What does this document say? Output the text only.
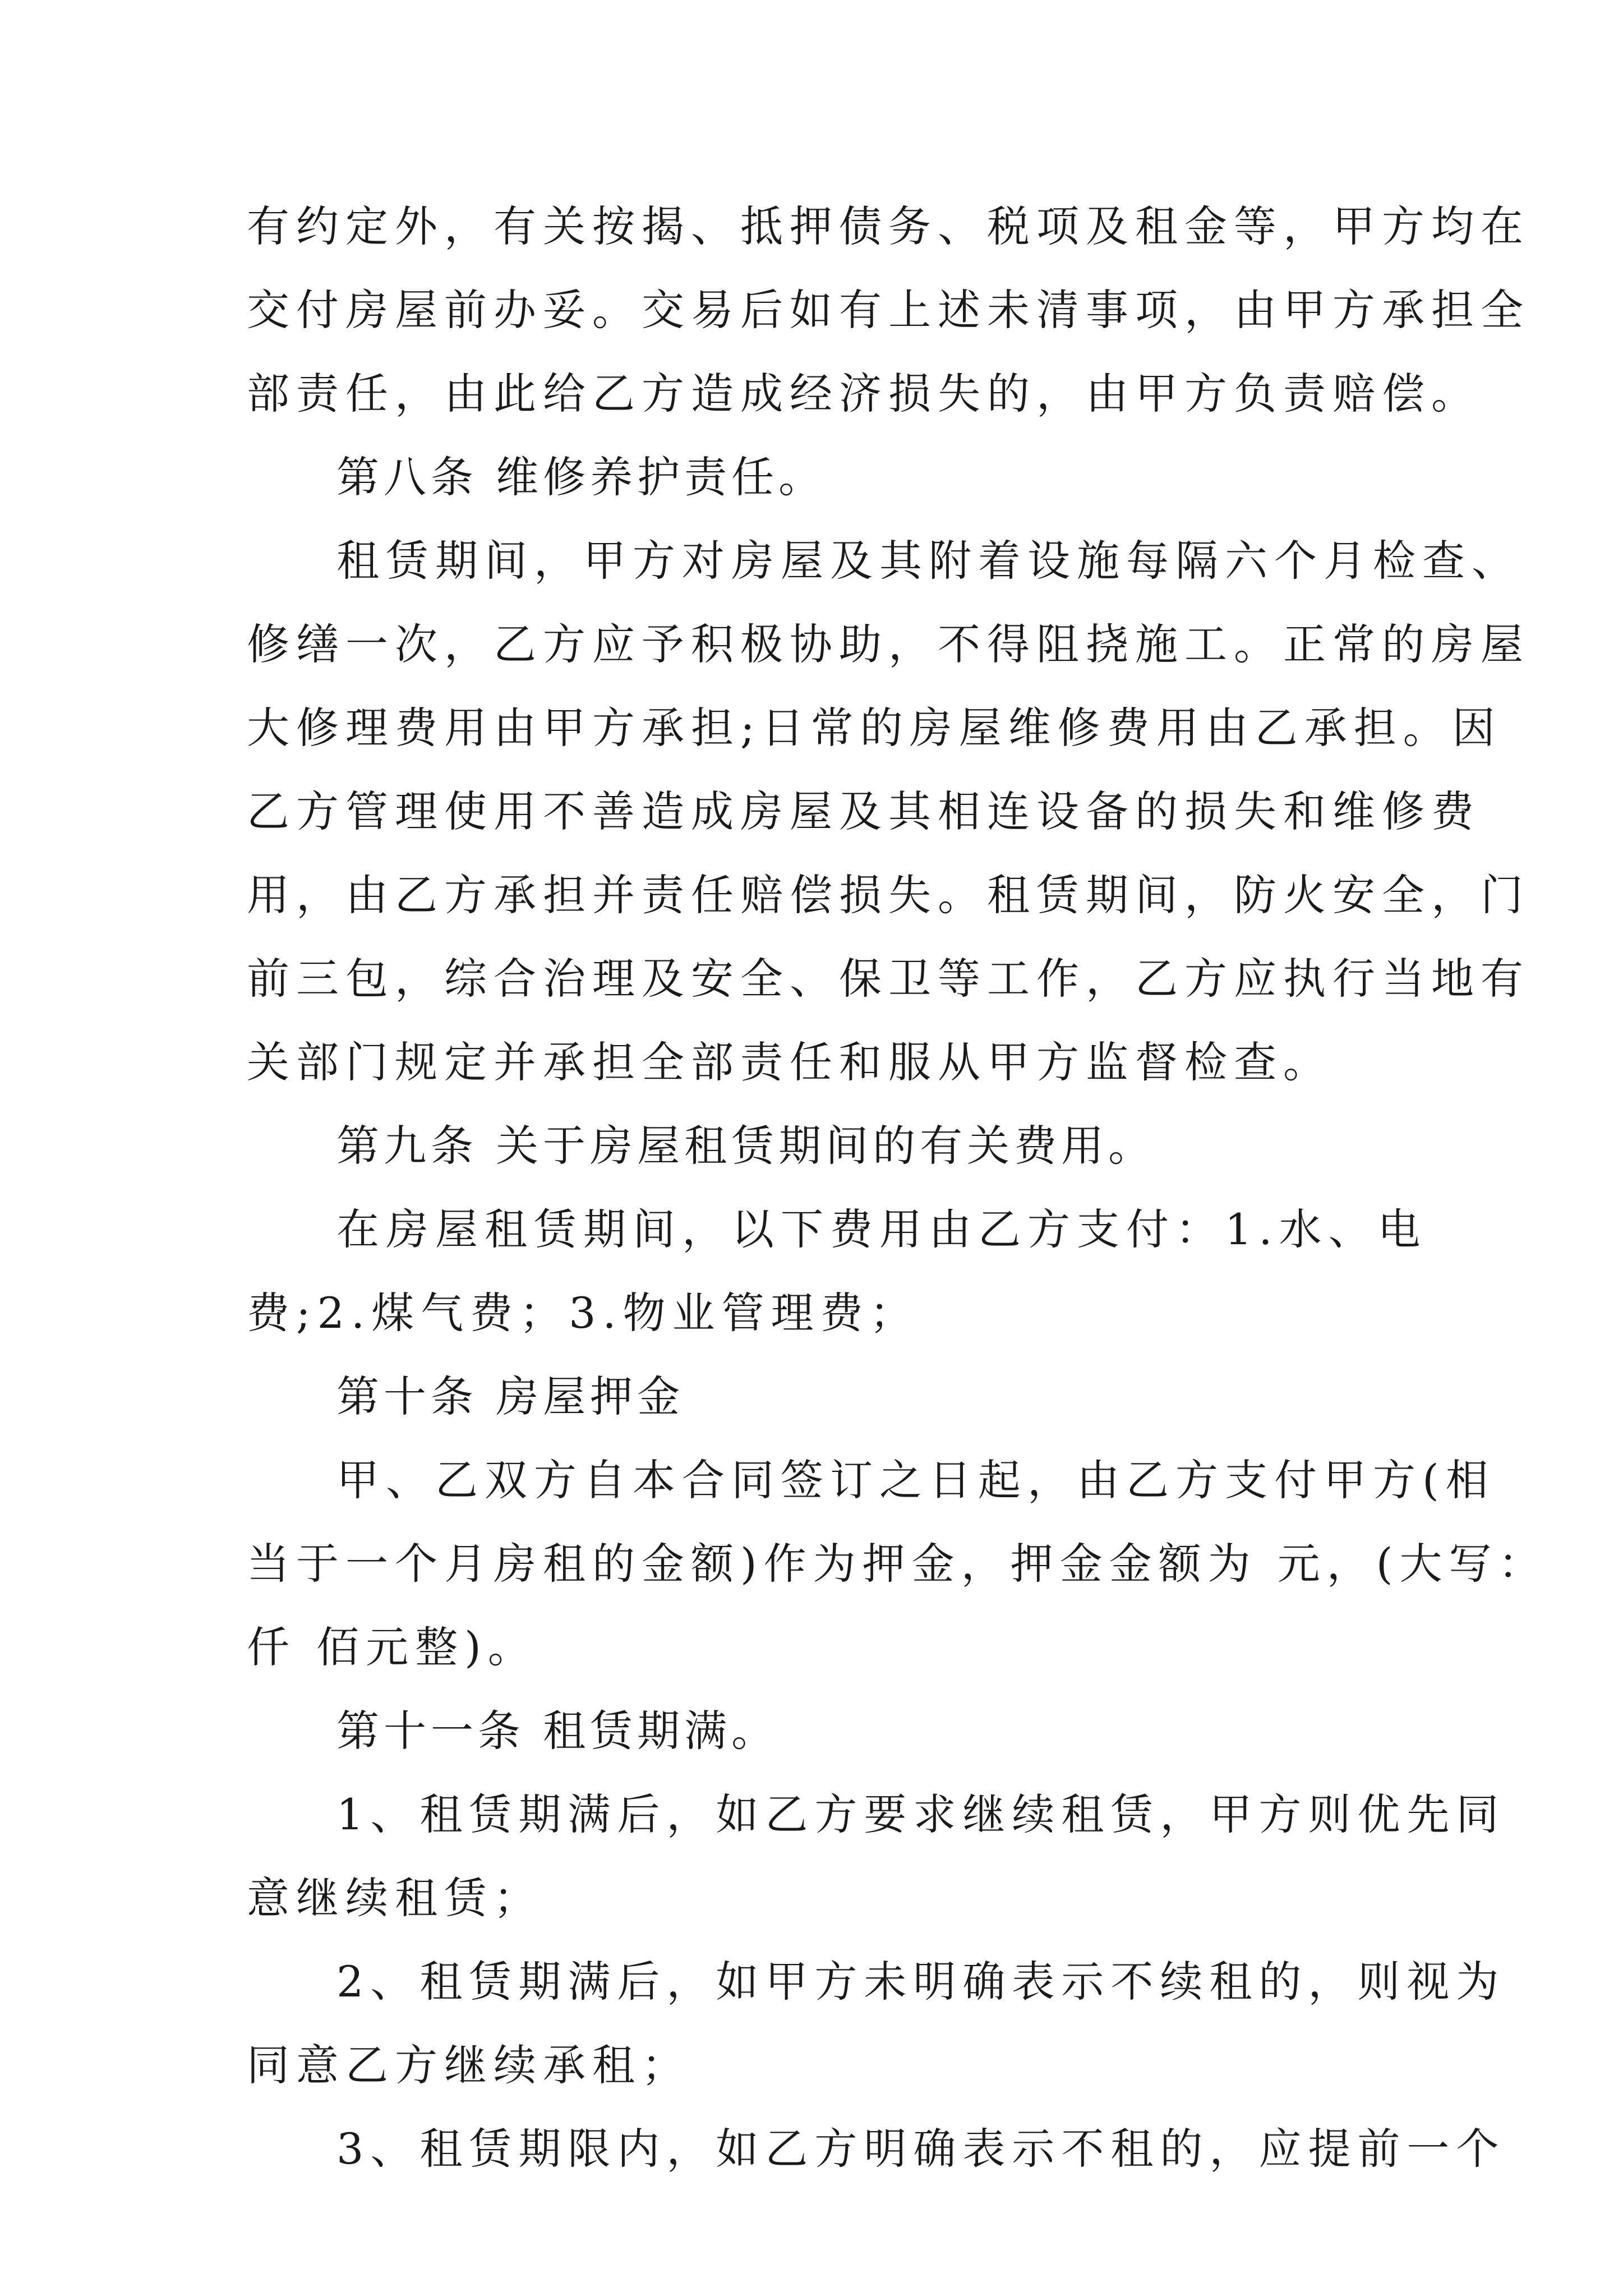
有约定外，有关按揭、抵押债务、税项及租金等，甲方均在
交付房屋前办妥。交易后如有上述未清事项，由甲方承担全
部责任，由此给乙方造成经济损失的，由甲方负责赔偿。
第八条 维修养护责任。
租赁期间，甲方对房屋及其附着设施每隔六个月检查、
修缮一次，乙方应予积极协助，不得阻挠施工。正常的房屋
大修理费用由甲方承担;日常的房屋维修费用由乙承担。因
乙方管理使用不善造成房屋及其相连设备的损失和维修费
用，由乙方承担并责任赔偿损失。租赁期间，防火安全，门
前三包，综合治理及安全、保卫等工作，乙方应执行当地有
关部门规定并承担全部责任和服从甲方监督检查。
第九条 关于房屋租赁期间的有关费用。
在房屋租赁期间，以下费用由乙方支付：1.水、电
费;2.煤气费；3.物业管理费；
第十条 房屋押金
甲、乙双方自本合同签订之日起，由乙方支付甲方(相
当于一个月房租的金额)作为押金，押金金额为 元，(大写：
仟 佰元整)。
第十一条 租赁期满。
1、租赁期满后，如乙方要求继续租赁，甲方则优先同
意继续租赁；
2、租赁期满后，如甲方未明确表示不续租的，则视为
同意乙方继续承租；
3、租赁期限内，如乙方明确表示不租的，应提前一个
